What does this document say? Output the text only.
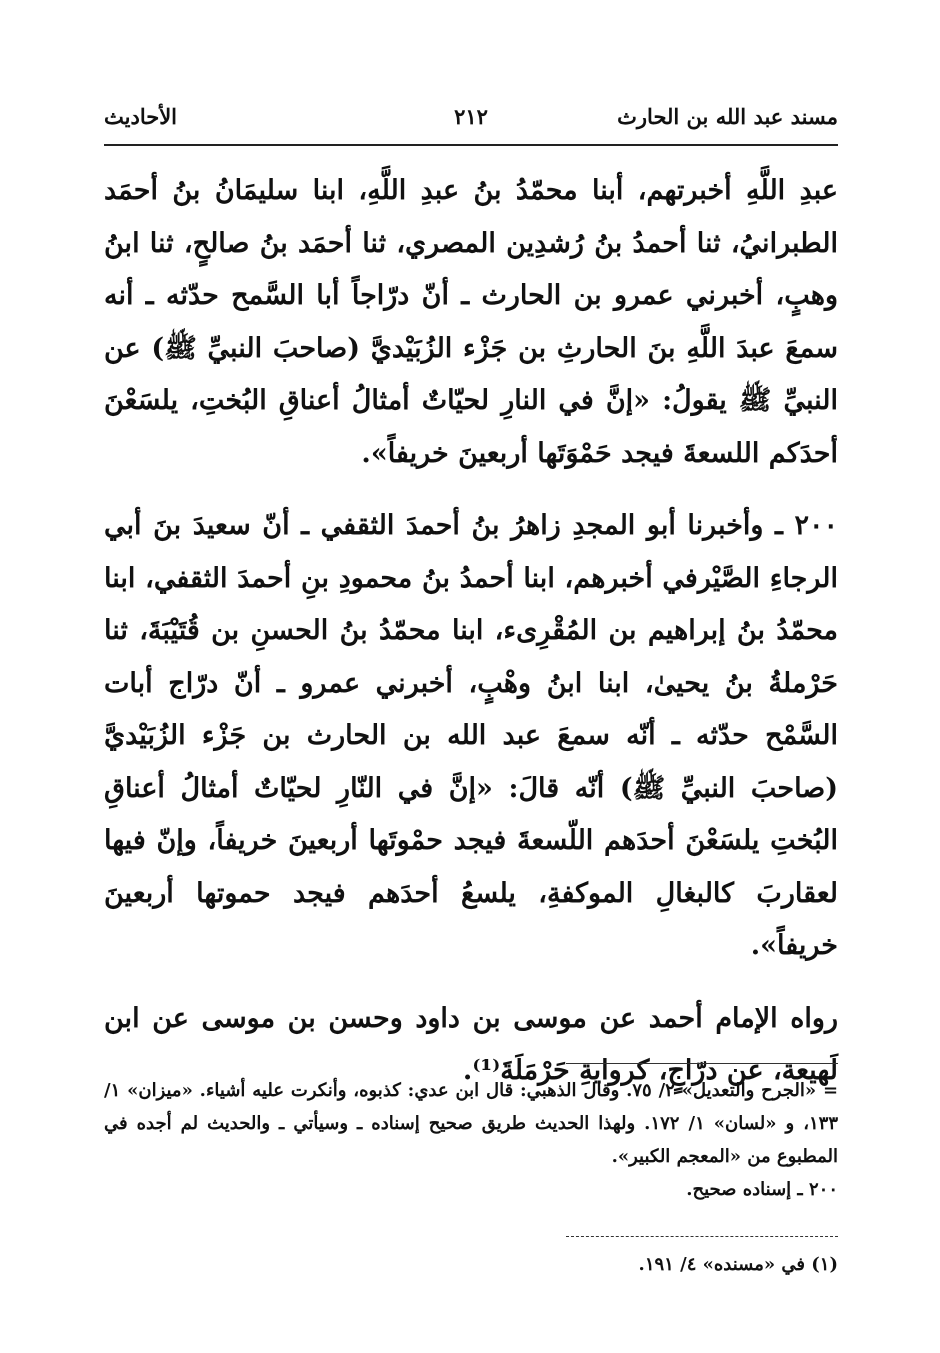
مسند عبد الله بن الحارث
٢١٢
الأحاديث

عبدِ اللَّهِ أخبرتهم، أبنا محمّدُ بنُ عبدِ اللَّهِ، ابنا سليمَانُ بنُ أحمَد الطبرانيُ، ثنا أحمدُ بنُ رُشدِين المصري، ثنا أحمَد بنُ صالحٍ، ثنا ابنُ وهبٍ، أخبرني عمرو بن الحارث ـ أنّ درّاجاً أبا السَّمح حدّثه ـ أنه سمعَ عبدَ اللَّهِ بنَ الحارثِ بن جَزْء الزُبَيْديَّ (صاحبَ النبيِّ ﷺ) عن النبيِّ ﷺ يقولُ: «إنَّ في النارِ لحيّاتٌ أمثالُ أعناقِ البُختِ، يلسَعْنَ أحدَكم اللسعةَ فيجد حَمْوَتَها أربعينَ خريفاً».

٢٠٠ ـ وأخبرنا أبو المجدِ زاهرُ بنُ أحمدَ الثقفي ـ أنّ سعيدَ بنَ أبي الرجاءِ الصَّيْرفي أخبرهم، ابنا أحمدُ بنُ محمودِ بنِ أحمدَ الثقفي، ابنا محمّدُ بنُ إبراهيم بن المُقْرِىء، ابنا محمّدُ بنُ الحسنِ بن قُتَيْبَةَ، ثنا حَرْملةُ بنُ يحيىٰ، ابنا ابنُ وهْبٍ، أخبرني عمرو ـ أنّ درّاج أبات السَّمْح حدّثه ـ أنّه سمعَ عبد الله بن الحارث بن جَزْء الزُبَيْديَّ (صاحبَ النبيِّ ﷺ) أنّه قالَ: «إنَّ في النّارِ لحيّاتٌ أمثالُ أعناقِ البُختِ يلسَعْنَ أحدَهم اللّسعةَ فيجد حمْوتَها أربعينَ خريفاً، وإنّ فيها لعقاربَ كالبغالِ الموكفةِ، يلسعُ أحدَهم فيجد حموتها أربعينَ خريفاً».

رواه الإمام أحمد عن موسى بن داود وحسن بن موسى عن ابن لَهيعة، عن درّاجٍ، كروايةِ حَرْمَلَةَ⁽¹⁾.

= «الجرح والتعديل» ٢/ ٧٥. وقال الذهبي: قال ابن عدي: كذبوه، وأنكرت عليه أشياء. «ميزان» ١/ ١٣٣، و «لسان» ١/ ١٧٢. ولهذا الحديث طريق صحيح إسناده ـ وسيأتي ـ والحديث لم أجده في المطبوع من «المعجم الكبير».

٢٠٠ ـ إسناده صحيح.

(١) في «مسنده» ٤/ ١٩١.
